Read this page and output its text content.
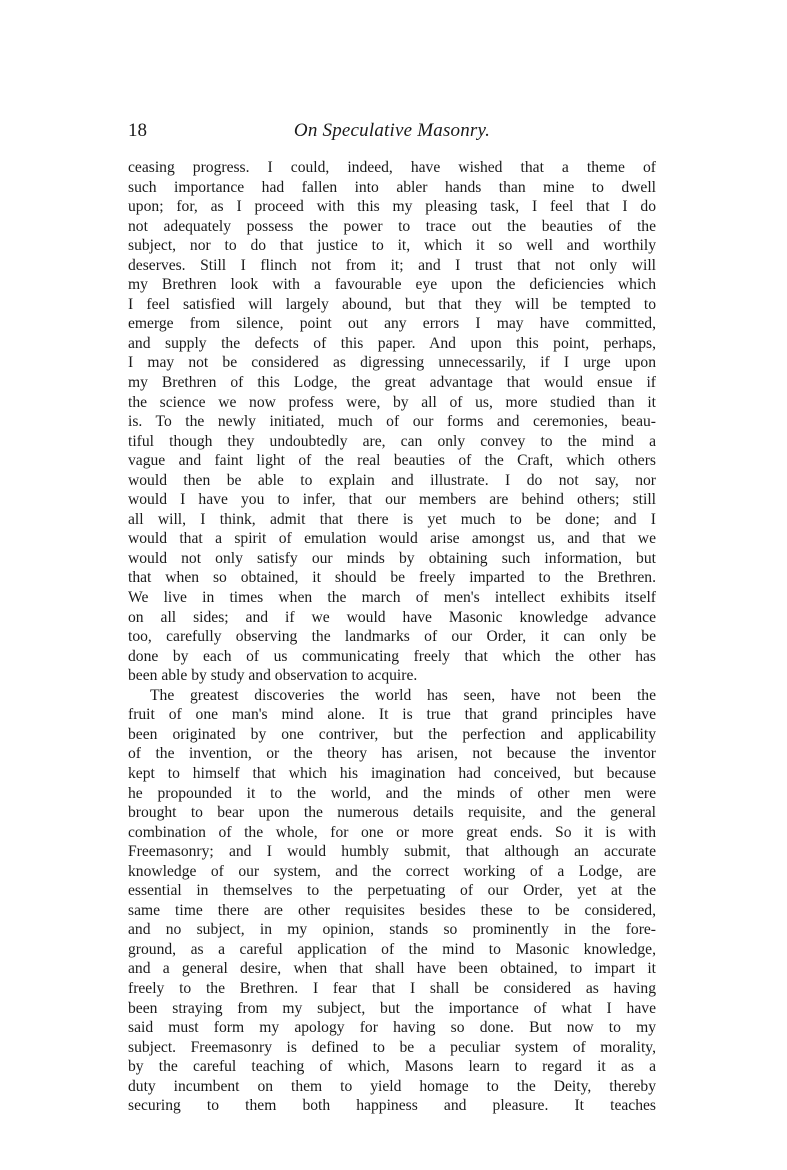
18	On Speculative Masonry.
ceasing progress. I could, indeed, have wished that a theme of
such importance had fallen into abler hands than mine to dwell
upon; for, as I proceed with this my pleasing task, I feel that I do
not adequately possess the power to trace out the beauties of the
subject, nor to do that justice to it, which it so well and worthily
deserves. Still I flinch not from it; and I trust that not only will
my Brethren look with a favourable eye upon the deficiencies which
I feel satisfied will largely abound, but that they will be tempted to
emerge from silence, point out any errors I may have committed,
and supply the defects of this paper. And upon this point, perhaps,
I may not be considered as digressing unnecessarily, if I urge upon
my Brethren of this Lodge, the great advantage that would ensue if
the science we now profess were, by all of us, more studied than it
is. To the newly initiated, much of our forms and ceremonies, beau-
tiful though they undoubtedly are, can only convey to the mind a
vague and faint light of the real beauties of the Craft, which others
would then be able to explain and illustrate. I do not say, nor
would I have you to infer, that our members are behind others; still
all will, I think, admit that there is yet much to be done; and I
would that a spirit of emulation would arise amongst us, and that we
would not only satisfy our minds by obtaining such information, but
that when so obtained, it should be freely imparted to the Brethren.
We live in times when the march of men's intellect exhibits itself
on all sides; and if we would have Masonic knowledge advance
too, carefully observing the landmarks of our Order, it can only be
done by each of us communicating freely that which the other has
been able by study and observation to acquire.
The greatest discoveries the world has seen, have not been the
fruit of one man's mind alone. It is true that grand principles have
been originated by one contriver, but the perfection and applicability
of the invention, or the theory has arisen, not because the inventor
kept to himself that which his imagination had conceived, but because
he propounded it to the world, and the minds of other men were
brought to bear upon the numerous details requisite, and the general
combination of the whole, for one or more great ends. So it is with
Freemasonry; and I would humbly submit, that although an accurate
knowledge of our system, and the correct working of a Lodge, are
essential in themselves to the perpetuating of our Order, yet at the
same time there are other requisites besides these to be considered,
and no subject, in my opinion, stands so prominently in the fore-
ground, as a careful application of the mind to Masonic knowledge,
and a general desire, when that shall have been obtained, to impart it
freely to the Brethren. I fear that I shall be considered as having
been straying from my subject, but the importance of what I have
said must form my apology for having so done. But now to my
subject. Freemasonry is defined to be a peculiar system of morality,
by the careful teaching of which, Masons learn to regard it as a
duty incumbent on them to yield homage to the Deity, thereby
securing to them both happiness and pleasure. It teaches
